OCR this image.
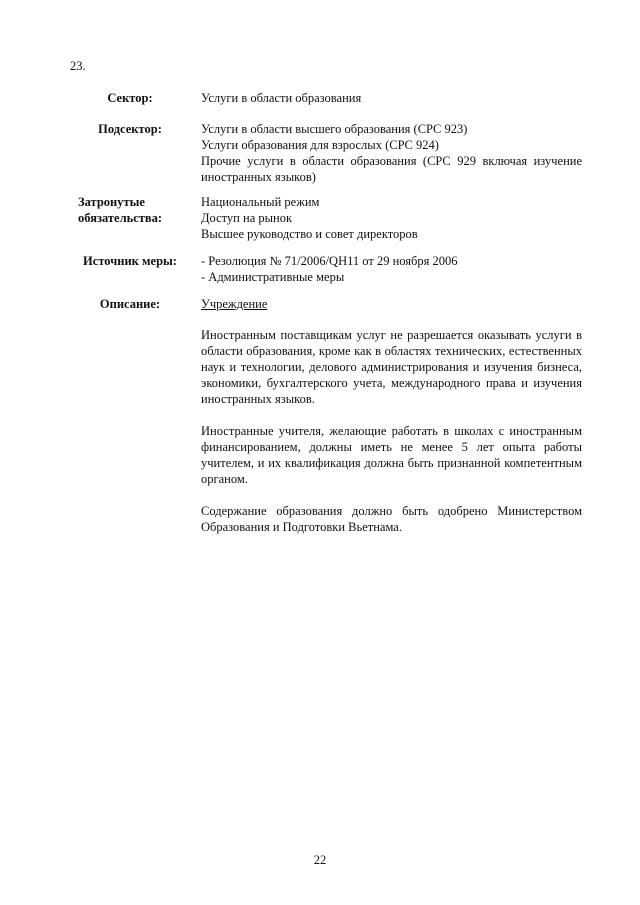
23.
Сектор:	Услуги в области образования
Подсектор:	Услуги в области высшего образования (CPC 923)
Услуги образования для взрослых (CPC 924)

Прочие услуги в области образования (CPC 929 включая изучение иностранных языков)

Затронутые
обязательства:
Национальный режим
Доступ на рынок
Высшее руководство и совет директоров
Источник меры:	- Резолюция № 71/2006/QH11 от 29 ноября 2006
- Административные меры
Описание:	Учреждение

Иностранным поставщикам услуг не разрешается оказывать услуги в области образования, кроме как в областях технических, естественных наук и технологии, делового администрирования и изучения бизнеса, экономики, бухгалтерского учета, международного права и изучения иностранных языков.

Иностранные учителя, желающие работать в школах с иностранным финансированием, должны иметь не менее 5 лет опыта работы учителем, и их квалификация должна быть признанной компетентным органом.

Содержание образования должно быть одобрено Министерством Образования и Подготовки Вьетнама.

22
